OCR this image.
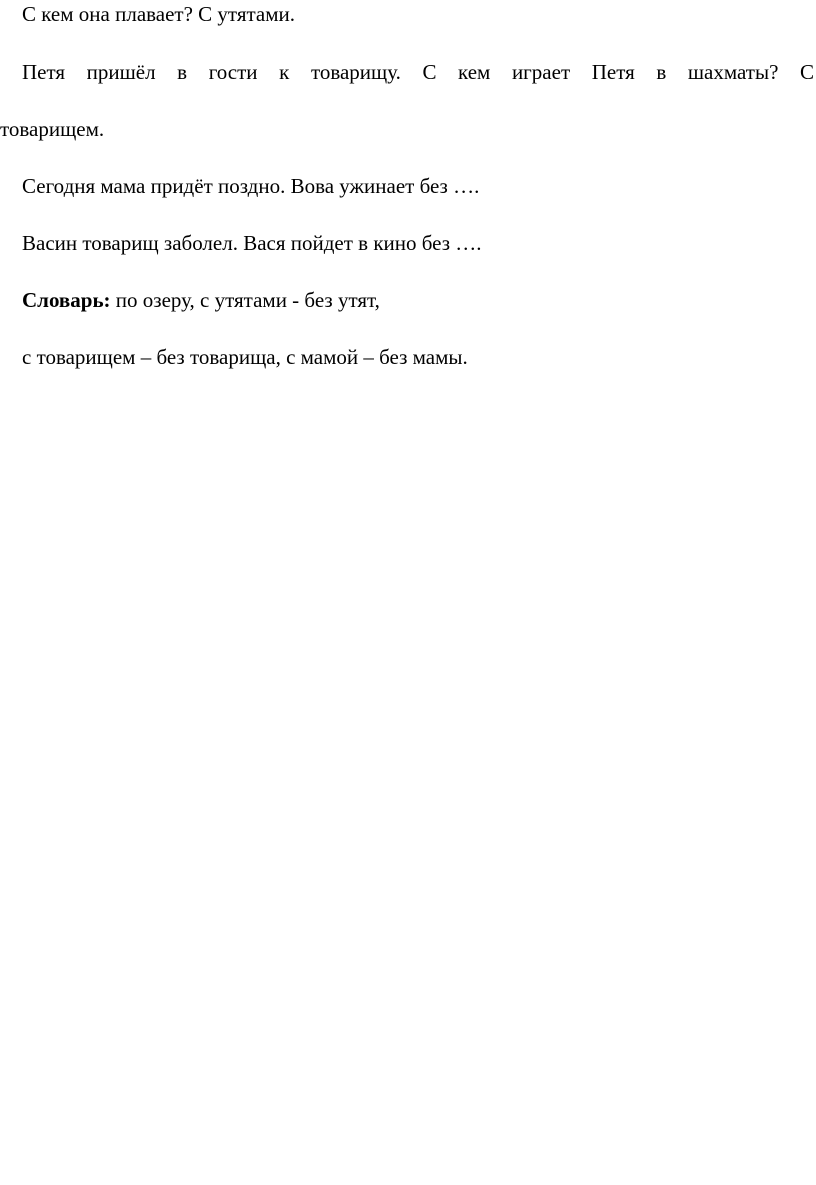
С кем она плавает? С утятами.
Петя пришёл в гости к товарищу. С кем играет Петя в шахматы? С
товарищем.
Сегодня мама придёт поздно. Вова ужинает без ….
Васин товарищ заболел. Вася пойдет в кино без ….
Словарь: по озеру, с утятами - без утят,
с товарищем – без товарища, с мамой – без мамы.
